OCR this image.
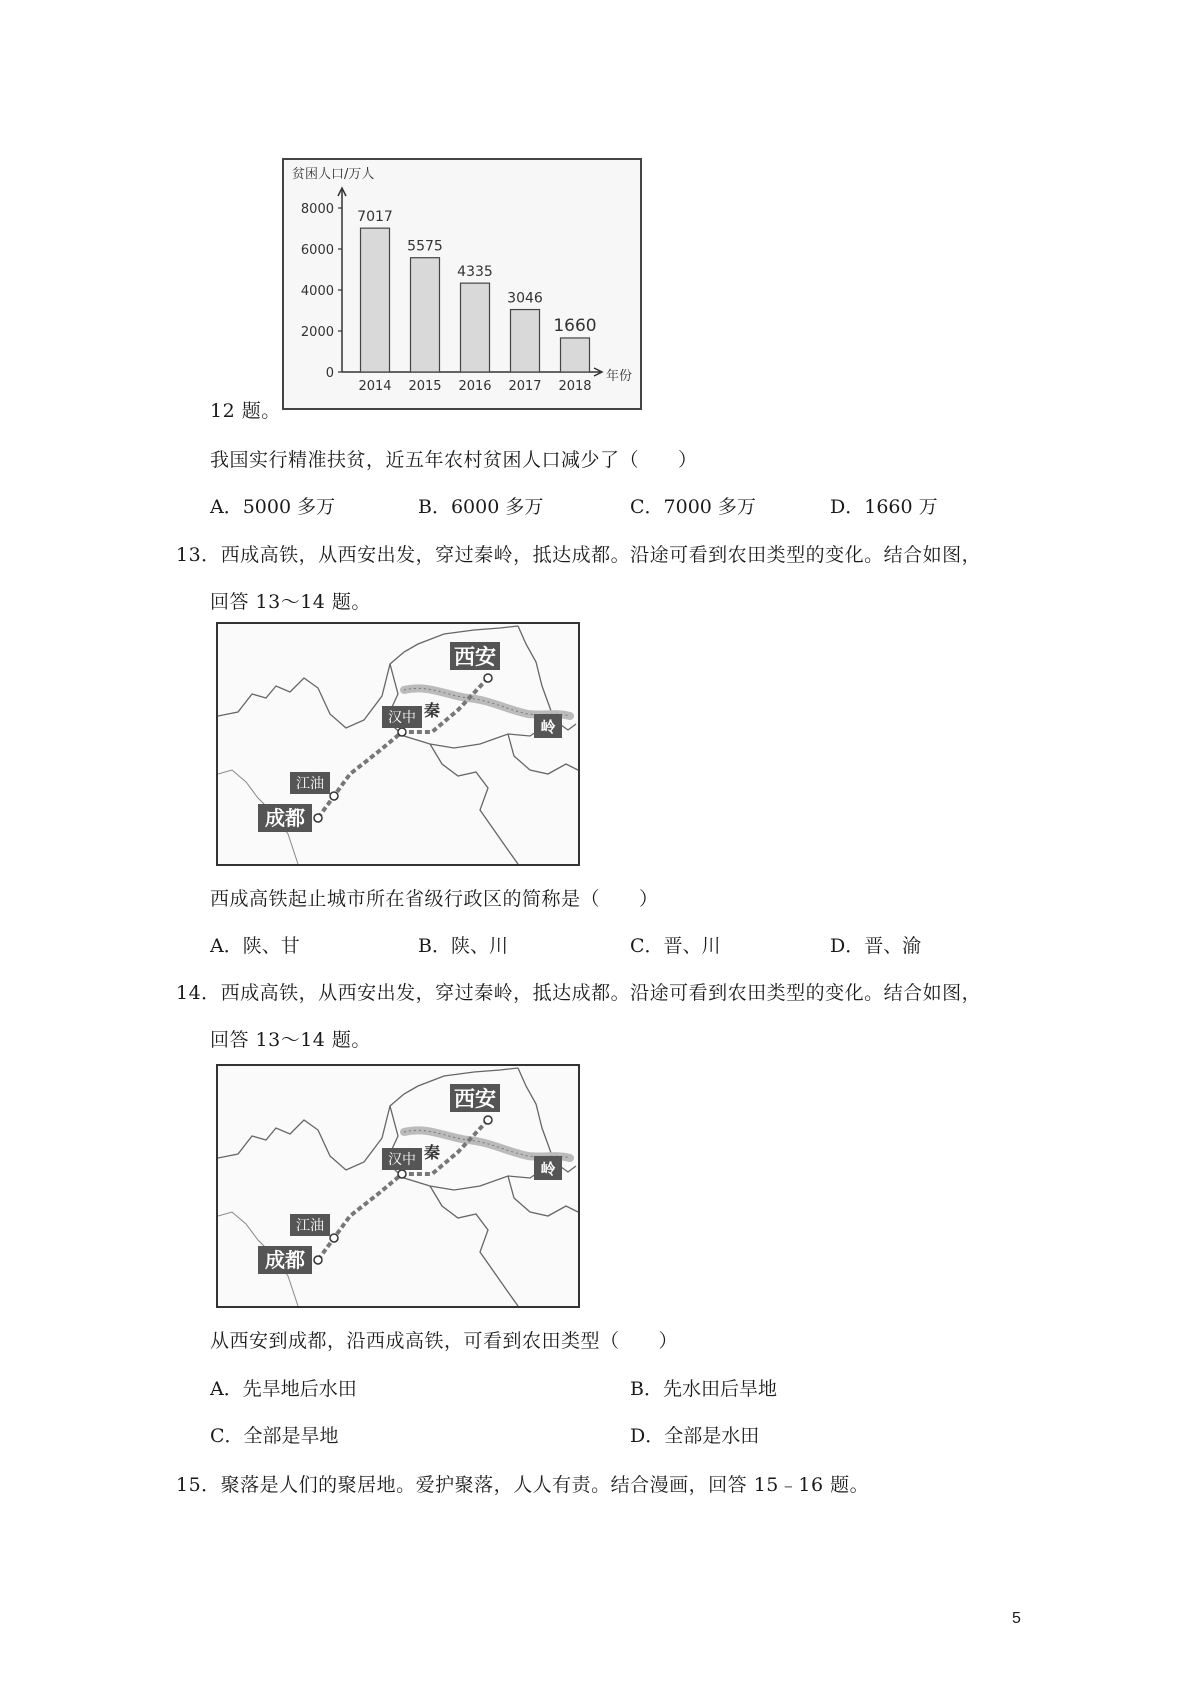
贫困人口/万人
年份
0
2000
4000
6000
8000 7017
2014
5575
2015
4335
2016
3046
2017
1660
2018
12 题。
我国实行精准扶贫，近五年农村贫困人口减少了（　　）
A．5000 多万	B．6000 多万	C．7000 多万	D．1660 万
13．西成高铁，从西安出发，穿过秦岭，抵达成都。沿途可看到农田类型的变化。结合如图，
回答 13～14 题。
西安
秦
岭
汉中
江油
成都
西成高铁起止城市所在省级行政区的简称是（　　）
A．陕、甘	B．陕、川	C．晋、川	D．晋、渝
14．西成高铁，从西安出发，穿过秦岭，抵达成都。沿途可看到农田类型的变化。结合如图，
回答 13～14 题。
西安
秦
岭
汉中
江油
成都
从西安到成都，沿西成高铁，可看到农田类型（　　）
A．先旱地后水田	B．先水田后旱地
C．全部是旱地	D．全部是水田
15．聚落是人们的聚居地。爱护聚落，人人有责。结合漫画，回答 15﹣16 题。
5
